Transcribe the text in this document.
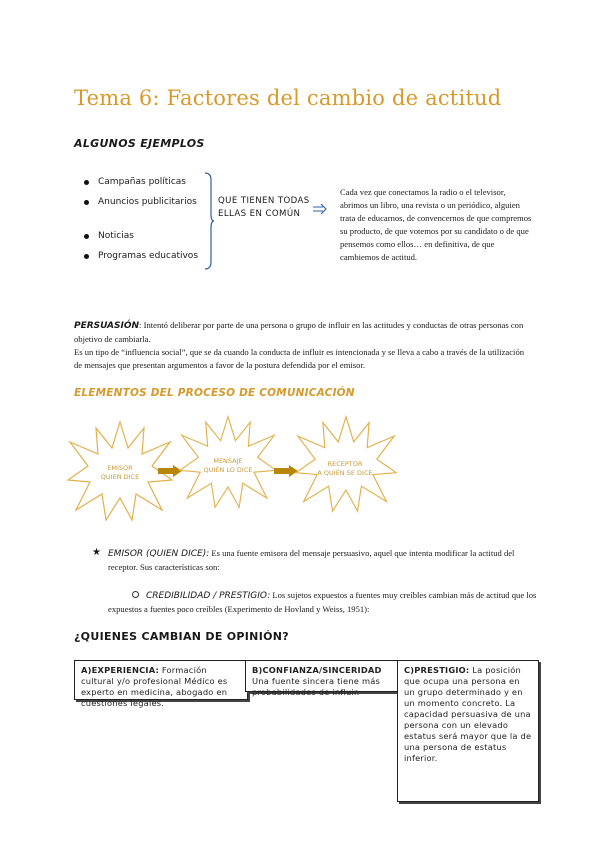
Tema 6: Factores del cambio de actitud
ALGUNOS EJEMPLOS
Campañas políticas
Anuncios publicitarios
Noticias
Programas educativos
QUE TIENEN TODAS
ELLAS EN COMÚN
Cada vez que conectamos la radio o el televisor, abrimos un libro, una revista o un periódico, alguien trata de educarnos, de convencernos de que compremos su producto, de que votemos por su candidato o de que pensemos como ellos… en definitiva, de que cambiemos de actitud.
PERSUASIÓN: Intentó deliberar por parte de una persona o grupo de influir en las actitudes y conductas de otras personas con objetivo de cambiarla.
Es un tipo de “influencia social”, que se da cuando la conducta de influir es intencionada y se lleva a cabo a través de la utilización de mensajes que presentan argumentos a favor de la postura defendida por el emisor.
ELEMENTOS DEL PROCESO DE COMUNICACIÓN
EMISOR
QUIEN DICE
MENSAJE
QUIÉN LO DICE
RECEPTOR
A QUIÉN SE DICE
★ EMISOR (QUIEN DICE): Es una fuente emisora del mensaje persuasivo, aquel que intenta modificar la actitud del receptor. Sus características son:
CREDIBILIDAD / PRESTIGIO: Los sujetos expuestos a fuentes muy creíbles cambian más de actitud que los expuestos a fuentes poco creíbles (Experimento de Hovland y Weiss, 1951):
¿QUIENES CAMBIAN DE OPINIÓN?
A)EXPERIENCIA: Formación cultural y/o profesional Médico es experto en medicina, abogado en cuestiones legales.
B)CONFIANZA/SINCERIDAD Una fuente sincera tiene más probabilidades de influir.
C)PRESTIGIO: La posición que ocupa una persona en un grupo determinado y en un momento concreto. La capacidad persuasiva de una persona con un elevado estatus será mayor que la de una persona de estatus inferior.
